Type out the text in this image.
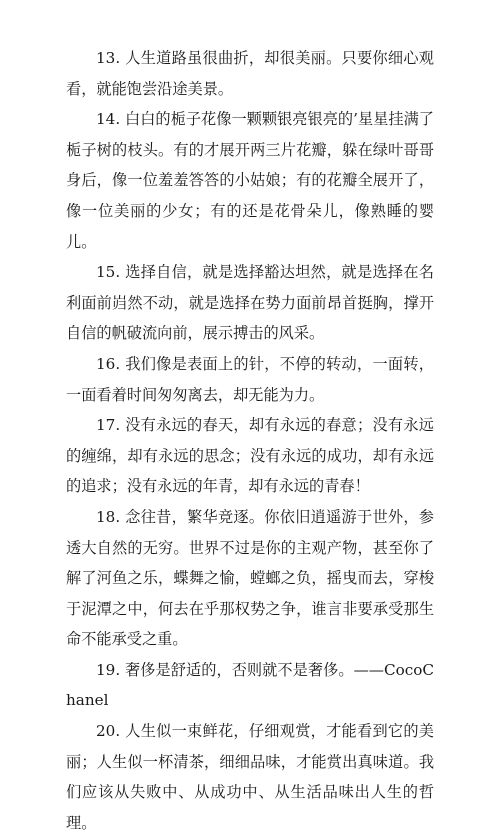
13. 人生道路虽很曲折，却很美丽。只要你细心观看，就能饱尝沿途美景。

14. 白白的栀子花像一颗颗银亮银亮的’星星挂满了栀子树的枝头。有的才展开两三片花瓣，躲在绿叶哥哥身后，像一位羞羞答答的小姑娘；有的花瓣全展开了，像一位美丽的少女；有的还是花骨朵儿，像熟睡的婴儿。

15. 选择自信，就是选择豁达坦然，就是选择在名利面前岿然不动，就是选择在势力面前昂首挺胸，撑开自信的帆破流向前，展示搏击的风采。

16. 我们像是表面上的针，不停的转动，一面转，一面看着时间匆匆离去，却无能为力。

17. 没有永远的春天，却有永远的春意；没有永远的缠绵，却有永远的思念；没有永远的成功，却有永远的追求；没有永远的年青，却有永远的青春！

18. 念往昔，繁华竞逐。你依旧逍遥游于世外，参透大自然的无穷。世界不过是你的主观产物，甚至你了解了河鱼之乐，蝶舞之愉，螳螂之负，摇曳而去，穿梭于泥潭之中，何去在乎那权势之争，谁言非要承受那生命不能承受之重。

19. 奢侈是舒适的，否则就不是奢侈。——CocoChanel

20. 人生似一束鲜花，仔细观赏，才能看到它的美丽；人生似一杯清茶，细细品味，才能赏出真味道。我们应该从失败中、从成功中、从生活品味出人生的哲理。
